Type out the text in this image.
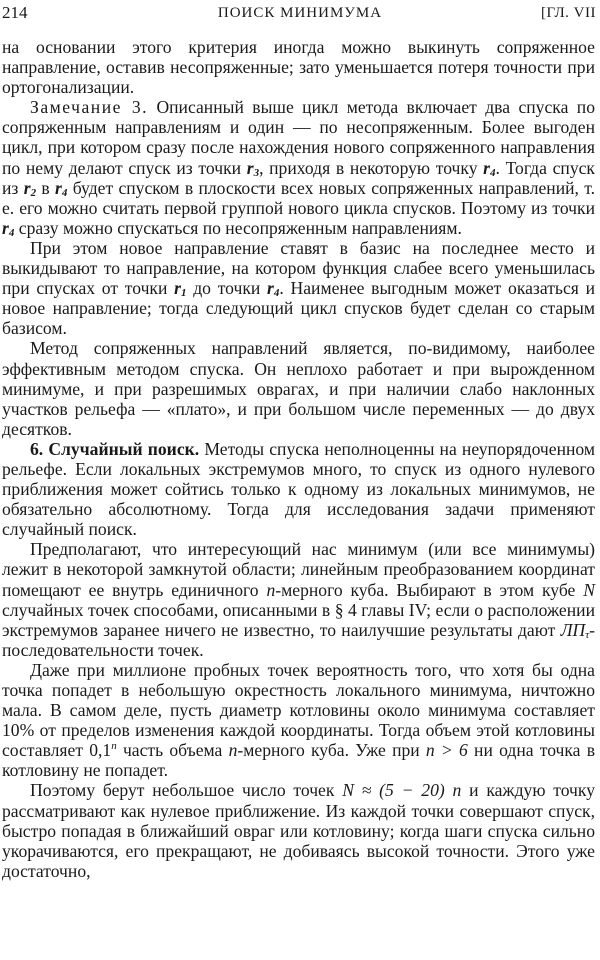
214	ПОИСК МИНИМУМА	[ГЛ. VII

на основании этого критерия иногда можно выкинуть сопряженное направление, оставив несопряженные; зато уменьшается потеря точности при ортогонализации.

Замечание 3. Описанный выше цикл метода включает два спуска по сопряженным направлениям и один — по несопряженным. Более выгоден цикл, при котором сразу после нахождения нового сопряженного направления по нему делают спуск из точки $r_3$, приходя в некоторую точку $r_4$. Тогда спуск из $r_2$ в $r_4$ будет спуском в плоскости всех новых сопряженных направлений, т. е. его можно считать первой группой нового цикла спусков. Поэтому из точки $r_4$ сразу можно спускаться по несопряженным направлениям.

При этом новое направление ставят в базис на последнее место и выкидывают то направление, на котором функция слабее всего уменьшилась при спусках от точки $r_1$ до точки $r_4$. Наименее выгодным может оказаться и новое направление; тогда следующий цикл спусков будет сделан со старым базисом.

Метод сопряженных направлений является, по-видимому, наиболее эффективным методом спуска. Он неплохо работает и при вырожденном минимуме, и при разрешимых оврагах, и при наличии слабо наклонных участков рельефа — «плато», и при большом числе переменных — до двух десятков.

6. Случайный поиск. Методы спуска неполноценны на неупорядоченном рельефе. Если локальных экстремумов много, то спуск из одного нулевого приближения может сойтись только к одному из локальных минимумов, не обязательно абсолютному. Тогда для исследования задачи применяют случайный поиск.

Предполагают, что интересующий нас минимум (или все минимумы) лежит в некоторой замкнутой области; линейным преобразованием координат помещают ее внутрь единичного n-мерного куба. Выбирают в этом кубе N случайных точек способами, описанными в § 4 главы IV; если о расположении экстремумов заранее ничего не известно, то наилучшие результаты дают $ЛП_\tau$-последовательности точек.

Даже при миллионе пробных точек вероятность того, что хотя бы одна точка попадет в небольшую окрестность локального минимума, ничтожно мала. В самом деле, пусть диаметр котловины около минимума составляет 10% от пределов изменения каждой координаты. Тогда объем этой котловины составляет 0,1$^n$ часть объема n-мерного куба. Уже при n > 6 ни одна точка в котловину не попадет.

Поэтому берут небольшое число точек N ≈ (5 − 20) n и каждую точку рассматривают как нулевое приближение. Из каждой точки совершают спуск, быстро попадая в ближайший овраг или котловину; когда шаги спуска сильно укорачиваются, его прекращают, не добиваясь высокой точности. Этого уже достаточно,
